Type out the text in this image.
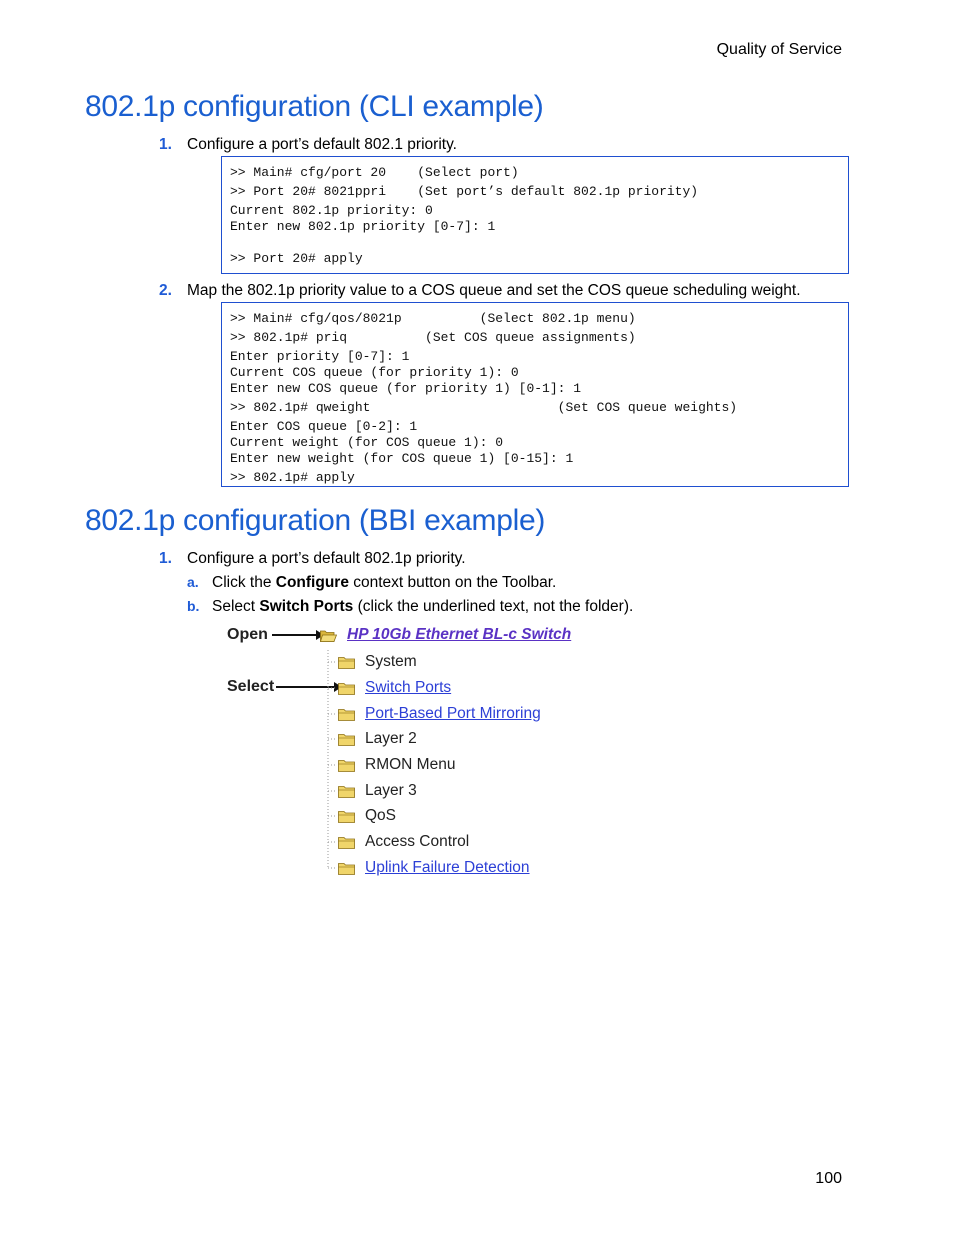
Quality of Service
802.1p configuration (CLI example)
1. Configure a port’s default 802.1 priority.
>> Main# cfg/port 20    (Select port)
>> Port 20# 8021ppri    (Set port’s default 802.1p priority)
Current 802.1p priority: 0
Enter new 802.1p priority [0-7]: 1
>> Port 20# apply
2. Map the 802.1p priority value to a COS queue and set the COS queue scheduling weight.
>> Main# cfg/qos/8021p          (Select 802.1p menu)
>> 802.1p# priq          (Set COS queue assignments)
Enter priority [0-7]: 1
Current COS queue (for priority 1): 0
Enter new COS queue (for priority 1) [0-1]: 1
>> 802.1p# qweight                        (Set COS queue weights)
Enter COS queue [0-2]: 1
Current weight (for COS queue 1): 0
Enter new weight (for COS queue 1) [0-15]: 1
>> 802.1p# apply
802.1p configuration (BBI example)
1. Configure a port’s default 802.1p priority.
a. Click the Configure context button on the Toolbar.
b. Select Switch Ports (click the underlined text, not the folder).
Open
Select
HP 10Gb Ethernet BL-c Switch
System
Switch Ports
Port-Based Port Mirroring
Layer 2
RMON Menu
Layer 3
QoS
Access Control
Uplink Failure Detection
100
